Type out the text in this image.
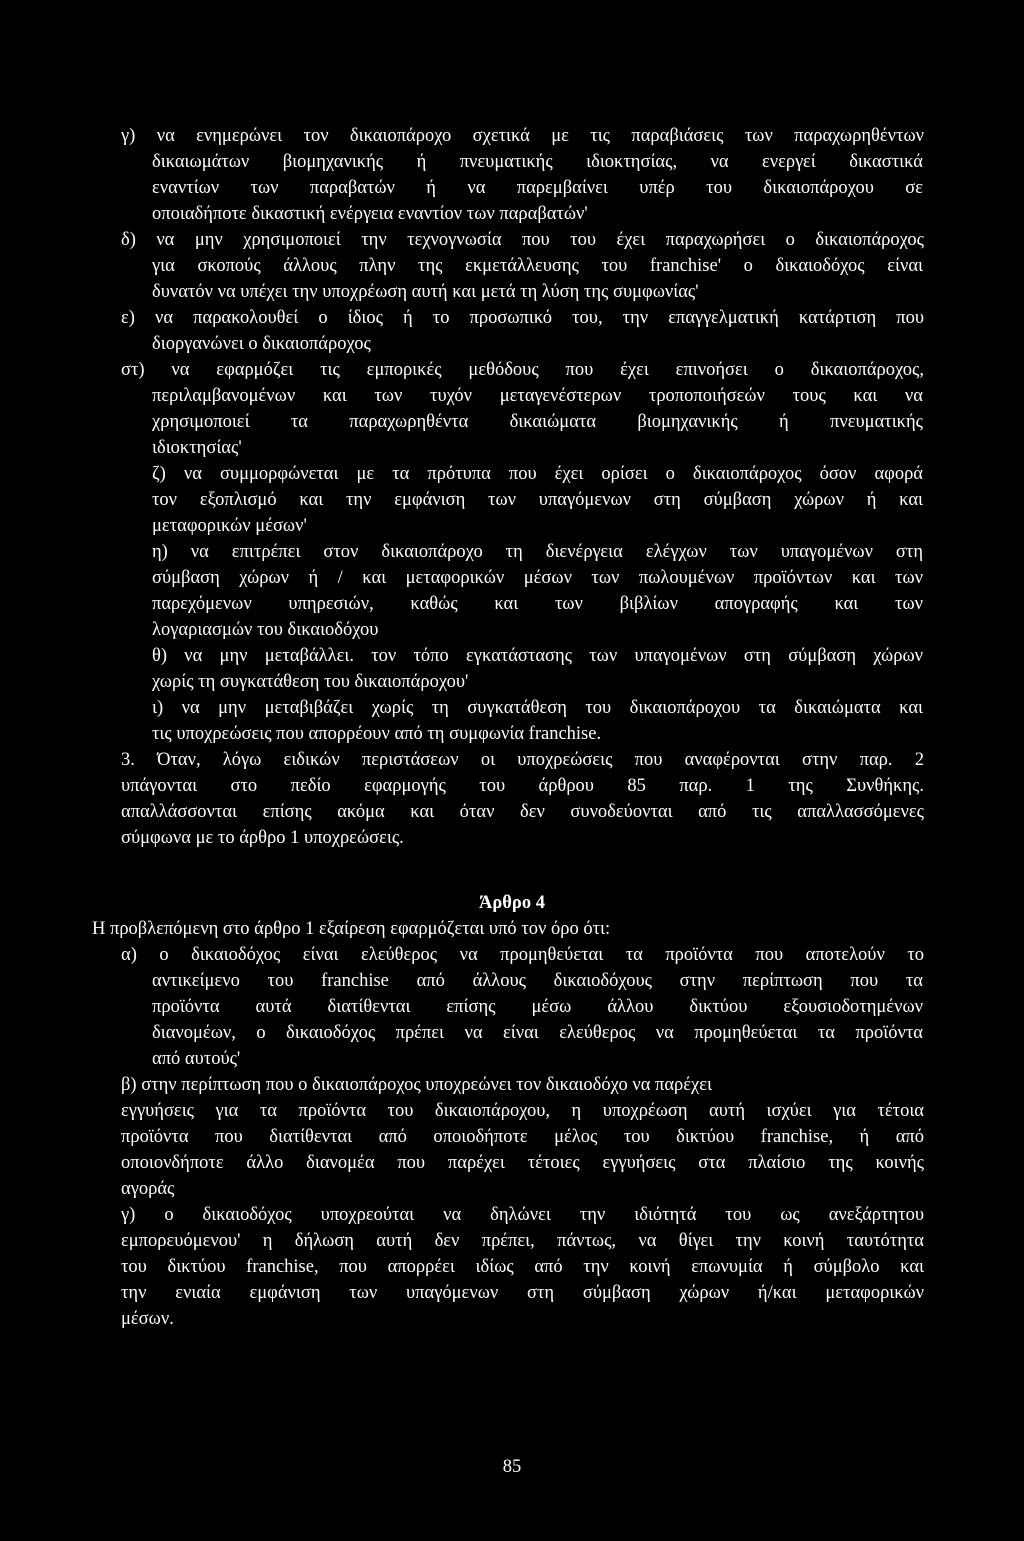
γ) να ενημερώνει τον δικαιοπάροχο σχετικά με τις παραβιάσεις των παραχωρηθέντων
δικαιωμάτων βιομηχανικής ή πνευματικής ιδιοκτησίας, να ενεργεί δικαστικά
εναντίων των παραβατών ή να παρεμβαίνει υπέρ του δικαιοπάροχου σε
οποιαδήποτε δικαστική ενέργεια εναντίον των παραβατών'
δ) να μην χρησιμοποιεί την τεχνογνωσία που του έχει παραχωρήσει ο δικαιοπάροχος
για σκοπούς άλλους πλην της εκμετάλλευσης του franchise' ο δικαιοδόχος είναι
δυνατόν να υπέχει την υποχρέωση αυτή και μετά τη λύση της συμφωνίας'
ε) να παρακολουθεί ο ίδιος ή το προσωπικό του, την επαγγελματική κατάρτιση που
διοργανώνει ο δικαιοπάροχος
στ) να εφαρμόζει τις εμπορικές μεθόδους που έχει επινοήσει ο δικαιοπάροχος,
περιλαμβανομένων και των τυχόν μεταγενέστερων τροποποιήσεών τους και να
χρησιμοποιεί τα παραχωρηθέντα δικαιώματα βιομηχανικής ή πνευματικής
ιδιοκτησίας'
ζ) να συμμορφώνεται με τα πρότυπα που έχει ορίσει ο δικαιοπάροχος όσον αφορά
τον εξοπλισμό και την εμφάνιση των υπαγόμενων στη σύμβαση χώρων ή και
μεταφορικών μέσων'
η) να επιτρέπει στον δικαιοπάροχο τη διενέργεια ελέγχων των υπαγομένων στη
σύμβαση χώρων ή / και μεταφορικών μέσων των πωλουμένων προϊόντων και των
παρεχόμενων υπηρεσιών, καθώς και των βιβλίων απογραφής και των
λογαριασμών του δικαιοδόχου
θ) να μην μεταβάλλει. τον τόπο εγκατάστασης των υπαγομένων στη σύμβαση χώρων
χωρίς τη συγκατάθεση του δικαιοπάροχου'
ι) να μην μεταβιβάζει χωρίς τη συγκατάθεση του δικαιοπάροχου τα δικαιώματα και
τις υποχρεώσεις που απορρέουν από τη συμφωνία franchise.
3. Όταν, λόγω ειδικών περιστάσεων οι υποχρεώσεις που αναφέρονται στην παρ. 2
υπάγονται στο πεδίο εφαρμογής του άρθρου 85 παρ. 1 της Συνθήκης.
απαλλάσσονται επίσης ακόμα και όταν δεν συνοδεύονται από τις απαλλασσόμενες
σύμφωνα με το άρθρο 1 υποχρεώσεις.
Άρθρο 4
Η προβλεπόμενη στο άρθρο 1 εξαίρεση εφαρμόζεται υπό τον όρο ότι:
α) ο δικαιοδόχος είναι ελεύθερος να προμηθεύεται τα προϊόντα που αποτελούν το
αντικείμενο του franchise από άλλους δικαιοδόχους στην περίπτωση που τα
προϊόντα αυτά διατίθενται επίσης μέσω άλλου δικτύου εξουσιοδοτημένων
διανομέων, ο δικαιοδόχος πρέπει να είναι ελεύθερος να προμηθεύεται τα προϊόντα
από αυτούς'
β) στην περίπτωση που ο δικαιοπάροχος υποχρεώνει τον δικαιοδόχο να παρέχει
εγγυήσεις για τα προϊόντα του δικαιοπάροχου, η υποχρέωση αυτή ισχύει για τέτοια
προϊόντα που διατίθενται από οποιοδήποτε μέλος του δικτύου franchise, ή από
οποιονδήποτε άλλο διανομέα που παρέχει τέτοιες εγγυήσεις στα πλαίσιο της κοινής
αγοράς
γ) ο δικαιοδόχος υποχρεούται να δηλώνει την ιδιότητά του ως ανεξάρτητου
εμπορευόμενου' η δήλωση αυτή δεν πρέπει, πάντως, να θίγει την κοινή ταυτότητα
του δικτύου franchise, που απορρέει ιδίως από την κοινή επωνυμία ή σύμβολο και
την ενιαία εμφάνιση των υπαγόμενων στη σύμβαση χώρων ή/και μεταφορικών
μέσων.
85
